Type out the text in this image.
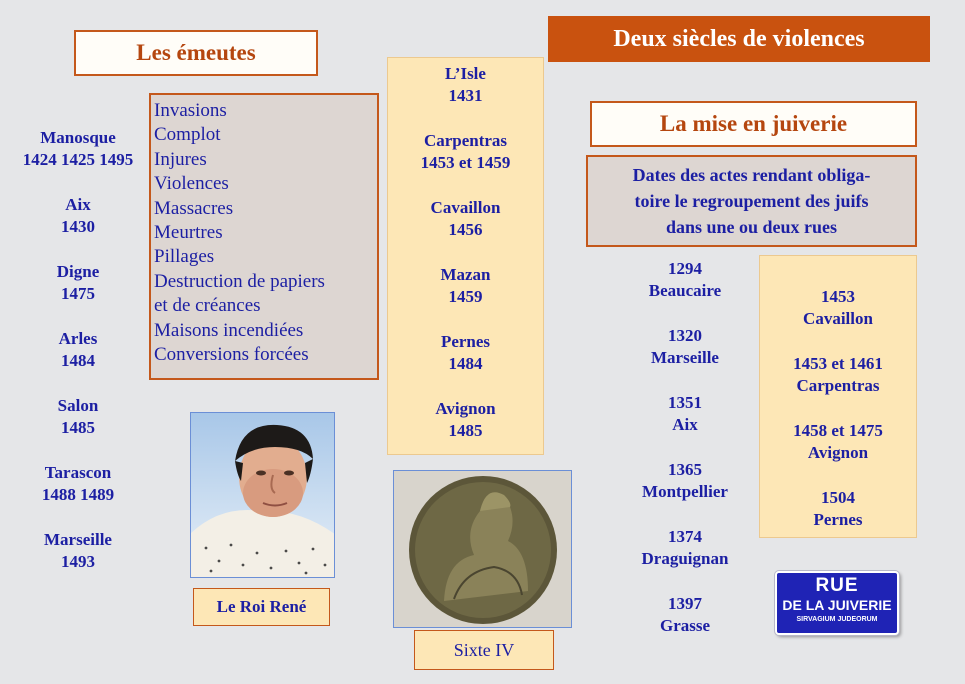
Deux siècles de violences
Les émeutes
Manosque
1424 1425 1495
Aix
1430
Digne
1475
Arles
1484
Salon
1485
Tarascon
1488 1489
Marseille
1493
Invasions
Complot
Injures
Violences
Massacres
Meurtres
Pillages
Destruction de papiers
et de créances
Maisons incendiées
Conversions forcées
L’Isle
1431
Carpentras
1453 et 1459
Cavaillon
1456
Mazan
1459
Pernes
1484
Avignon
1485
Le Roi René
Sixte IV
La mise en juiverie
Dates des actes rendant obliga-
toire le regroupement des juifs
dans une ou deux rues
1294
Beaucaire
1320
Marseille
1351
Aix
1365
Montpellier
1374
Draguignan
1397
Grasse
1453
Cavaillon
1453 et 1461
Carpentras
1458 et 1475
Avignon
1504
Pernes
RUE
DE LA JUIVERIE
SIRVAGIUM JUDEORUM
